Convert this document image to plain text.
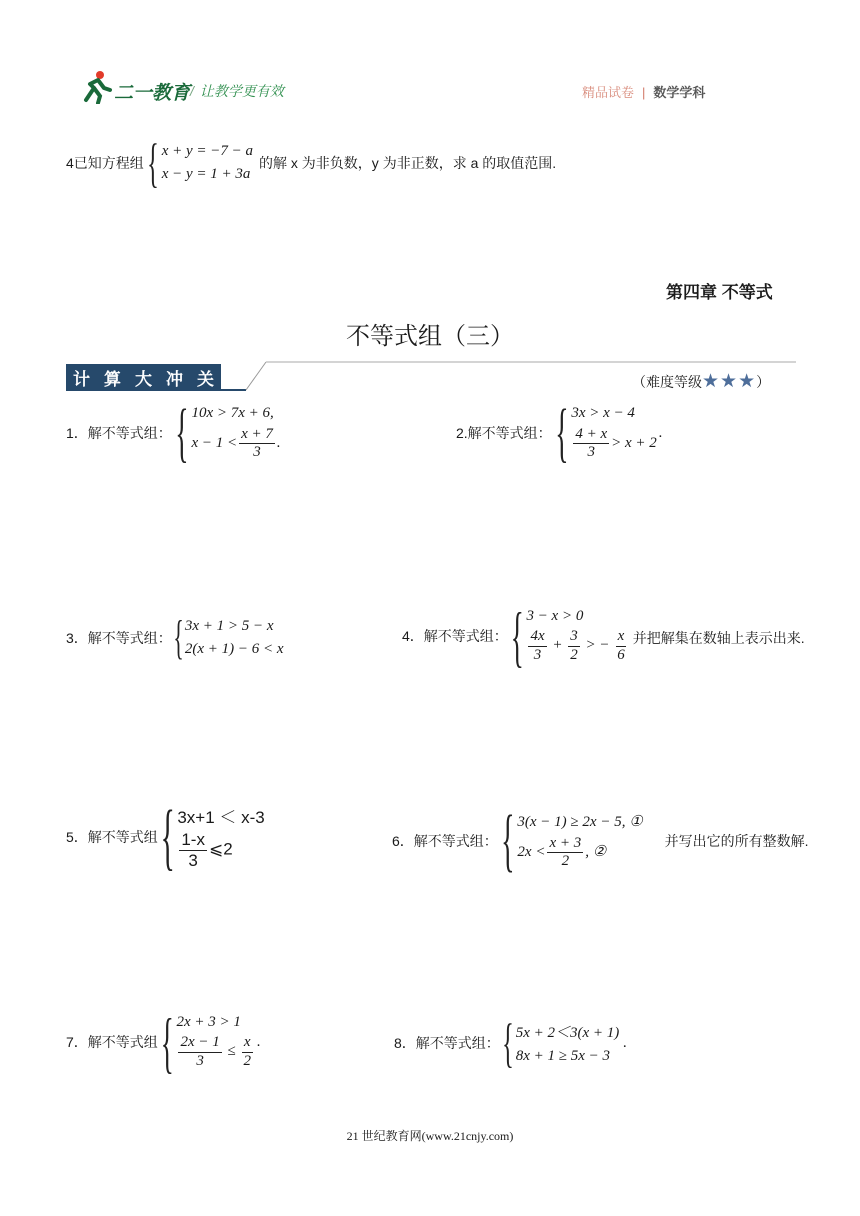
二一教育 / 让教学更有效	精品试卷 | 数学学科
4 已知方程组 { x + y = −7 − a
x − y = 1 + 3a
的解 x 为非负数，y 为非正数，求 a 的取值范围.
第四章 不等式
不等式组（三）
计 算 大 冲 关	（难度等级★★★）
1．解不等式组： { 10x > 7x + 6,
$x - 1 < \frac{x + 7}{3}$ .
2.解不等式组： { 3x > x − 4
$\frac{4 + x}{3} > x + 2$
.
3．解不等式组： { 3x + 1 > 5 − x
2(x + 1) − 6 < x
4．解不等式组： { 3 − x > 0
$\frac{4x}{3} + \frac{3}{2}$ > − $\frac{x}{6}$ 并把解集在数轴上表示出来.
5．解不等式组 { 3x+1 ＜ x-3
$\frac{1-x}{3}$ ⩽2	6．解不等式组： { 3(x − 1) ≥ 2x − 5, ①
$2x < \frac{x + 3}{2}$ , ②
并写出它的所有整数解.
7．解不等式组 { 2x + 3 > 1
$\frac{2x - 1}{3} \le \frac{x}{2}$ .	8．解不等式组： { 5x + 2＜3(x + 1)
8x + 1 ≥ 5x − 3
.
21 世纪教育网(www.21cnjy.com)
